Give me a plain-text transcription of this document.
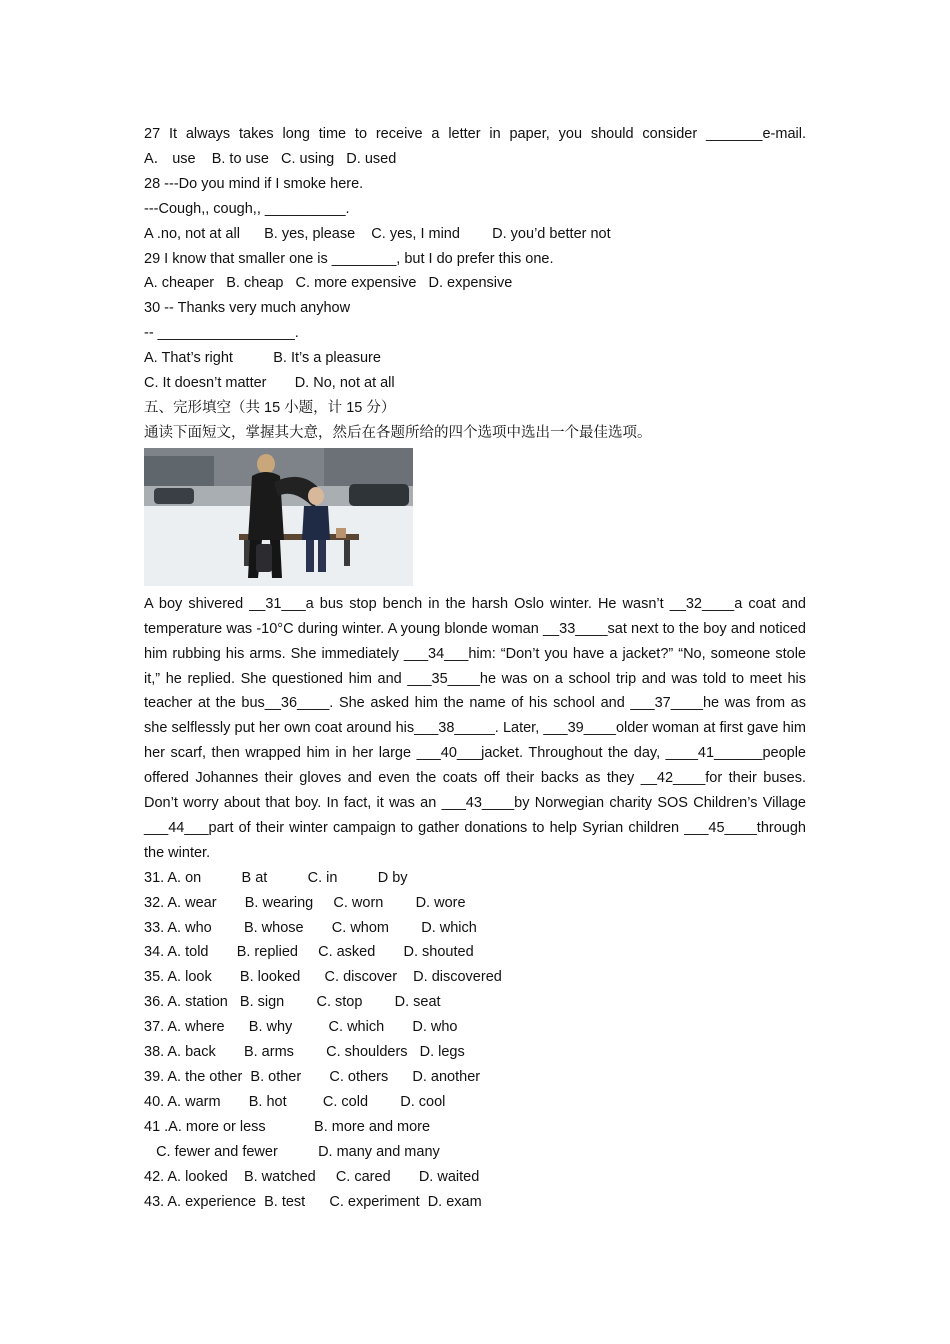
27 It always takes long time to receive a letter in paper, you should consider _______e-mail.
A． use    B. to use   C. using   D. used
28 ---Do you mind if I smoke here.
---Cough,, cough,, __________.
A .no, not at all      B. yes, please    C. yes, I mind        D. you’d better not
29 I know that smaller one is ________, but I do prefer this one.
A. cheaper   B. cheap   C. more expensive   D. expensive
30 -- Thanks very much anyhow
-- _________________.
A. That’s right          B. It’s a pleasure
C. It doesn’t matter       D. No, not at all
五、完形填空（共 15 小题，计 15 分）
通读下面短文，掌握其大意，然后在各题所给的四个选项中选出一个最佳选项。
A boy shivered __31___a bus stop bench in the harsh Oslo winter. He wasn’t __32____a coat and temperature was -10°C during winter. A young blonde woman __33____sat next to the boy and noticed him rubbing his arms. She immediately ___34___him: “Don’t you have a jacket?” “No, someone stole it,” he replied. She questioned him and ___35____he was on a school trip and was told to meet his teacher at the bus__36____. She asked him the name of his school and ___37____he was from as she selflessly put her own coat around his___38_____. Later, ___39____older woman at first gave him her scarf, then wrapped him in her large ___40___jacket. Throughout the day, ____41______people offered Johannes their gloves and even the coats off their backs as they __42____for their buses. Don’t worry about that boy. In fact, it was an ___43____by Norwegian charity SOS Children’s Village ___44___part of their winter campaign to gather donations to help Syrian children ___45____through the winter.
31. A. on          B at          C. in          D by
32. A. wear       B. wearing     C. worn        D. wore
33. A. who        B. whose       C. whom        D. which
34. A. told       B. replied     C. asked       D. shouted
35. A. look       B. looked      C. discover    D. discovered
36. A. station   B. sign        C. stop        D. seat
37. A. where      B. why         C. which       D. who
38. A. back       B. arms        C. shoulders   D. legs
39. A. the other  B. other       C. others      D. another
40. A. warm       B. hot         C. cold        D. cool
41 .A. more or less            B. more and more
C. fewer and fewer          D. many and many
42. A. looked    B. watched     C. cared       D. waited
43. A. experience  B. test      C. experiment  D. exam
